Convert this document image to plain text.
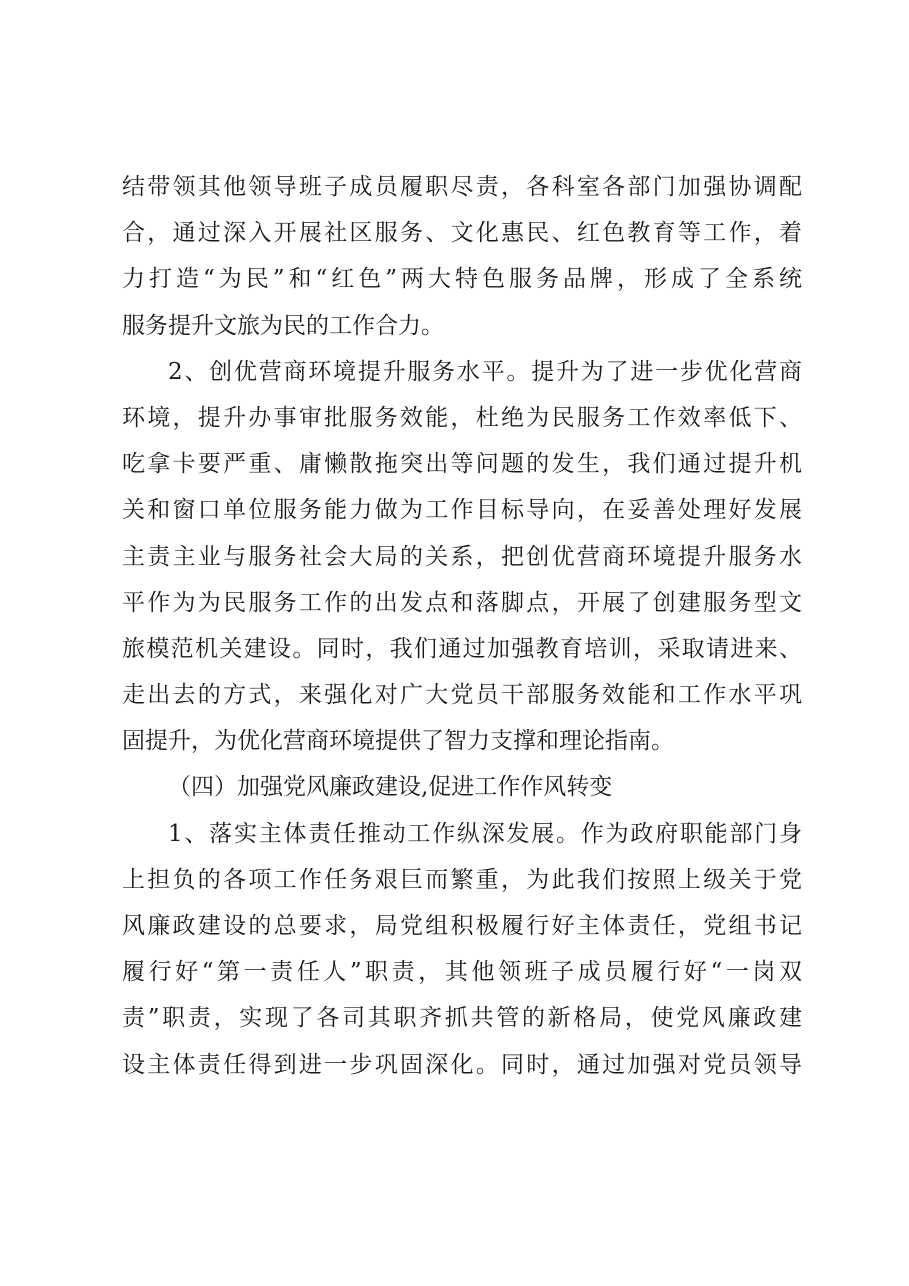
结带领其他领导班子成员履职尽责，各科室各部门加强协调配
合，通过深入开展社区服务、文化惠民、红色教育等工作，着
力打造“为民”和“红色”两大特色服务品牌，形成了全系统
服务提升文旅为民的工作合力。
2、创优营商环境提升服务水平。提升为了进一步优化营商
环境，提升办事审批服务效能，杜绝为民服务工作效率低下、
吃拿卡要严重、庸懒散拖突出等问题的发生，我们通过提升机
关和窗口单位服务能力做为工作目标导向，在妥善处理好发展
主责主业与服务社会大局的关系，把创优营商环境提升服务水
平作为为民服务工作的出发点和落脚点，开展了创建服务型文
旅模范机关建设。同时，我们通过加强教育培训，采取请进来、
走出去的方式，来强化对广大党员干部服务效能和工作水平巩
固提升，为优化营商环境提供了智力支撑和理论指南。
（四）加强党风廉政建设,促进工作作风转变
1、落实主体责任推动工作纵深发展。作为政府职能部门身
上担负的各项工作任务艰巨而繁重，为此我们按照上级关于党
风廉政建设的总要求，局党组积极履行好主体责任，党组书记
履行好“第一责任人”职责，其他领班子成员履行好“一岗双
责”职责，实现了各司其职齐抓共管的新格局，使党风廉政建
设主体责任得到进一步巩固深化。同时，通过加强对党员领导
